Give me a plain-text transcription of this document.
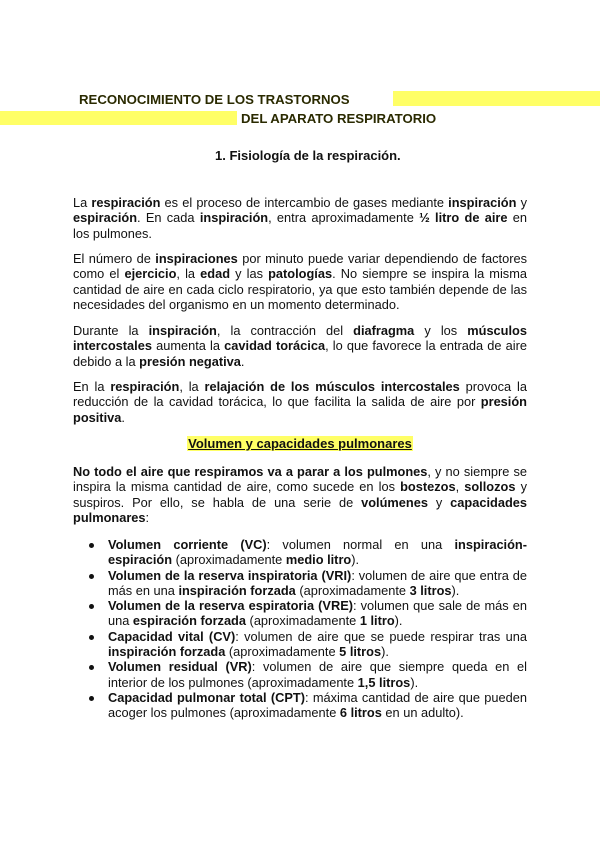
RECONOCIMIENTO DE LOS TRASTORNOS
DEL APARATO RESPIRATORIO
1. Fisiología de la respiración.

La respiración es el proceso de intercambio de gases mediante inspiración y espiración. En cada inspiración, entra aproximadamente ½ litro de aire en los pulmones.

El número de inspiraciones por minuto puede variar dependiendo de factores como el ejercicio, la edad y las patologías. No siempre se inspira la misma cantidad de aire en cada ciclo respiratorio, ya que esto también depende de las necesidades del organismo en un momento determinado.

Durante la inspiración, la contracción del diafragma y los músculos intercostales aumenta la cavidad torácica, lo que favorece la entrada de aire debido a la presión negativa.

En la respiración, la relajación de los músculos intercostales provoca la reducción de la cavidad torácica, lo que facilita la salida de aire por presión positiva.

Volumen y capacidades pulmonares

No todo el aire que respiramos va a parar a los pulmones, y no siempre se inspira la misma cantidad de aire, como sucede en los bostezos, sollozos y suspiros. Por ello, se habla de una serie de volúmenes y capacidades pulmonares:

Volumen corriente (VC): volumen normal en una inspiración-espiración (aproximadamente medio litro).
Volumen de la reserva inspiratoria (VRI): volumen de aire que entra de más en una inspiración forzada (aproximadamente 3 litros).
Volumen de la reserva espiratoria (VRE): volumen que sale de más en una espiración forzada (aproximadamente 1 litro).
Capacidad vital (CV): volumen de aire que se puede respirar tras una inspiración forzada (aproximadamente 5 litros).
Volumen residual (VR): volumen de aire que siempre queda en el interior de los pulmones (aproximadamente 1,5 litros).
Capacidad pulmonar total (CPT): máxima cantidad de aire que pueden acoger los pulmones (aproximadamente 6 litros en un adulto).
